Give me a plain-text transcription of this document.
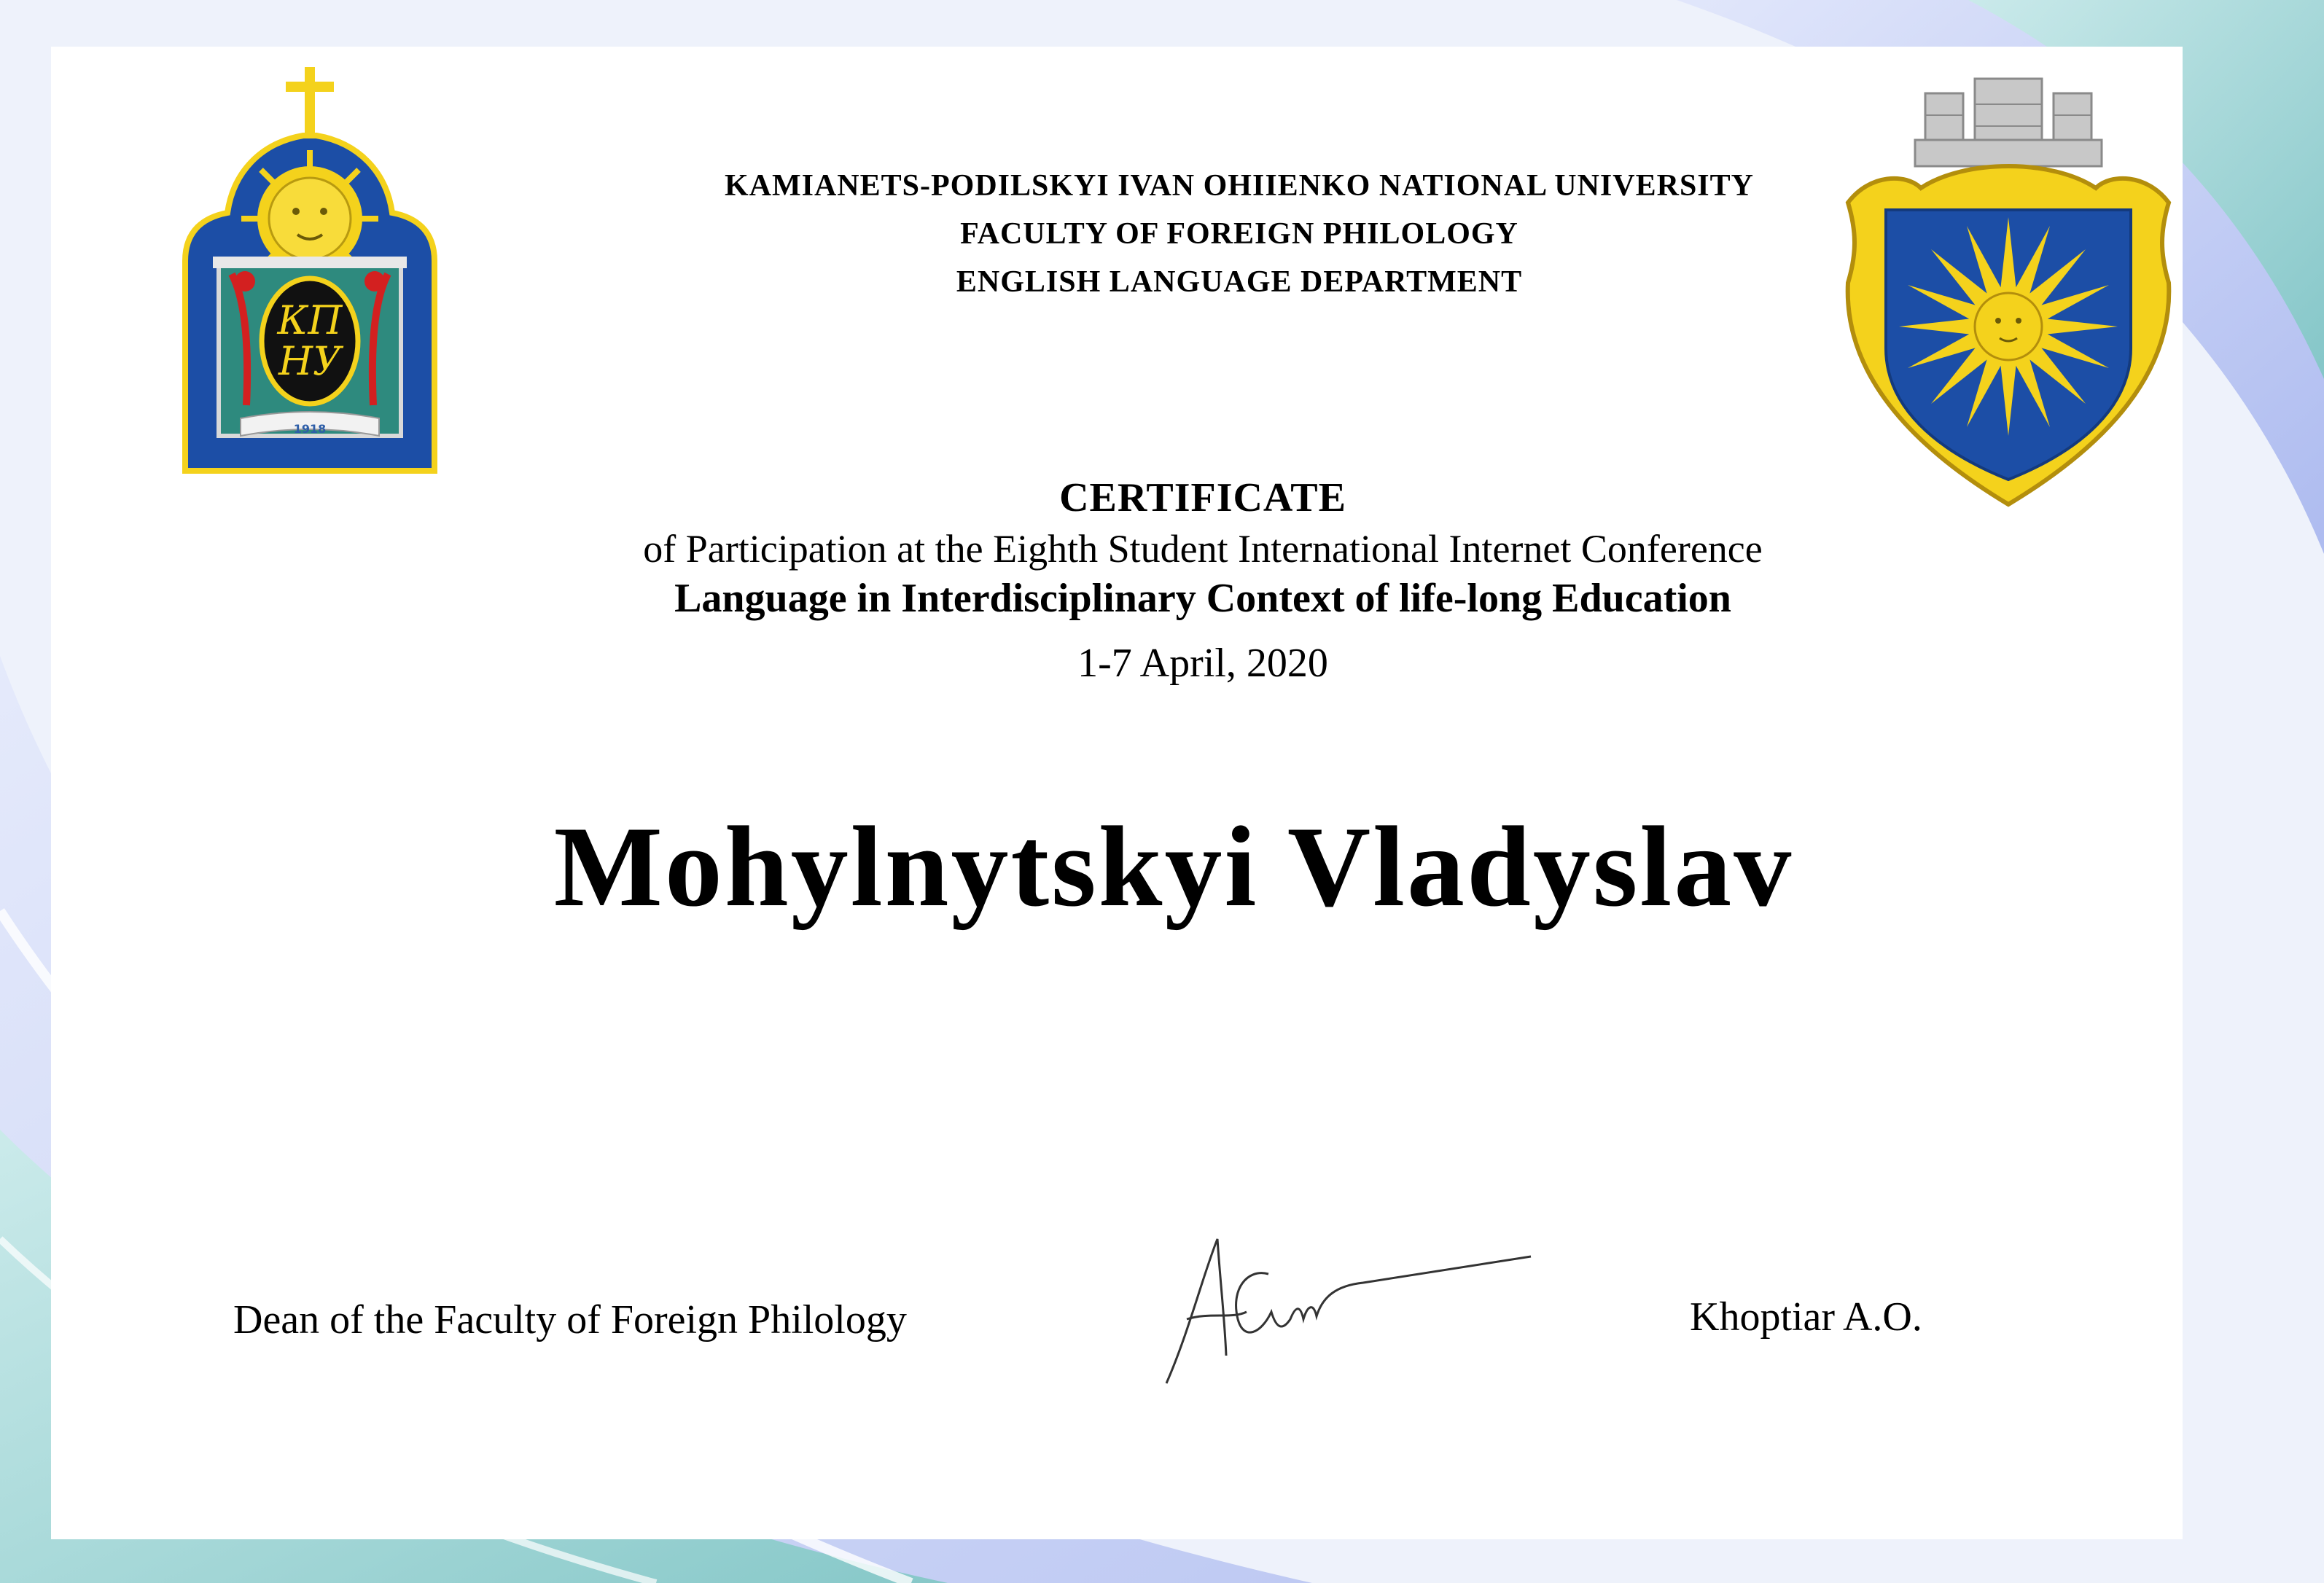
КП
НУ
1918
KAMIANETS-PODILSKYI IVAN OHIIENKO NATIONAL UNIVERSITY
FACULTY OF FOREIGN PHILOLOGY
ENGLISH LANGUAGE DEPARTMENT
CERTIFICATE
of Participation at the Eighth Student International Internet Conference
Language in Interdisciplinary Context of life-long Education
1-7 April, 2020
Mohylnytskyi Vladyslav
Dean of the Faculty of Foreign Philology	Khoptiar A.O.
